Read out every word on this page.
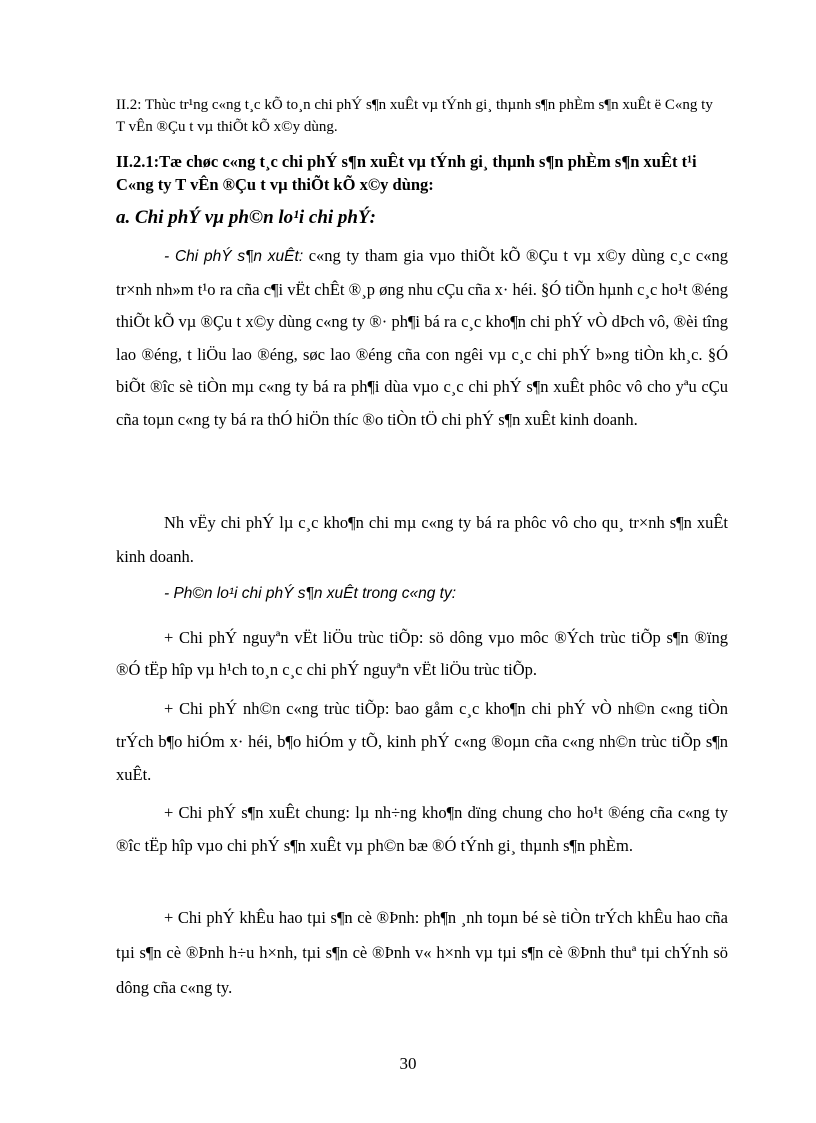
II.2: Thùc tr¹ng c«ng t¸c kÕ to¸n chi phÝ s¶n xuÊt vµ tÝnh gi¸ thµnh s¶n phÈm s¶n xuÊt ë C«ng ty T vÊn ®Çu t vµ thiÕt kÕ x©y dùng.

II.2.1:Tæ chøc c«ng t¸c chi phÝ s¶n xuÊt vµ tÝnh gi¸ thµnh s¶n phÈm s¶n xuÊt t¹i C«ng ty T vÊn ®Çu t vµ thiÕt kÕ x©y dùng:

a. Chi phÝ vµ ph©n lo¹i chi phÝ:

- Chi phÝ s¶n xuÊt: c«ng ty tham gia vµo thiÕt kÕ ®Çu t vµ x©y dùng c¸c c«ng tr×nh nh»m t¹o ra cña c¶i vËt chÊt ®¸p øng nhu cÇu cña x· héi. §Ó tiÕn hµnh c¸c ho¹t ®éng thiÕt kÕ vµ ®Çu t x©y dùng c«ng ty ®· ph¶i bá ra c¸c kho¶n chi phÝ vÒ dÞch vô, ®èi tîng lao ®éng, t liÖu lao ®éng, søc lao ®éng cña con ngêi vµ c¸c chi phÝ b»ng tiÒn kh¸c. §Ó biÕt ®îc sè tiÒn mµ c«ng ty bá ra ph¶i dùa vµo c¸c chi phÝ s¶n xuÊt phôc vô cho yªu cÇu cña toµn c«ng ty bá ra thÓ hiÖn thíc ®o tiÒn tÖ chi phÝ s¶n xuÊt kinh doanh.

Nh vËy chi phÝ lµ c¸c kho¶n chi mµ c«ng ty bá ra phôc vô cho qu¸ tr×nh s¶n xuÊt kinh doanh.

- Ph©n lo¹i chi phÝ s¶n xuÊt trong c«ng ty:

+ Chi phÝ nguyªn vËt liÖu trùc tiÕp: sö dông vµo môc ®Ých trùc tiÕp s¶n ®ïng ®Ó tËp hîp vµ h¹ch to¸n c¸c chi phÝ nguyªn vËt liÖu trùc tiÕp.

+ Chi phÝ nh©n c«ng trùc tiÕp: bao gåm c¸c kho¶n chi phÝ vÒ nh©n c«ng tiÒn trÝch b¶o hiÓm x· héi, b¶o hiÓm y tÕ, kinh phÝ c«ng ®oµn cña c«ng nh©n trùc tiÕp s¶n xuÊt.

+ Chi phÝ s¶n xuÊt chung: lµ nh÷ng kho¶n dïng chung cho ho¹t ®éng cña c«ng ty ®îc tËp hîp vµo chi phÝ s¶n xuÊt vµ ph©n bæ ®Ó tÝnh gi¸ thµnh s¶n phÈm.

+ Chi phÝ khÊu hao tµi s¶n cè ®Þnh: ph¶n ¸nh toµn bé sè tiÒn trÝch khÊu hao cña tµi s¶n cè ®Þnh h÷u h×nh, tµi s¶n cè ®Þnh v« h×nh vµ tµi s¶n cè ®Þnh thuª tµi chÝnh sö dông cña c«ng ty.

30
